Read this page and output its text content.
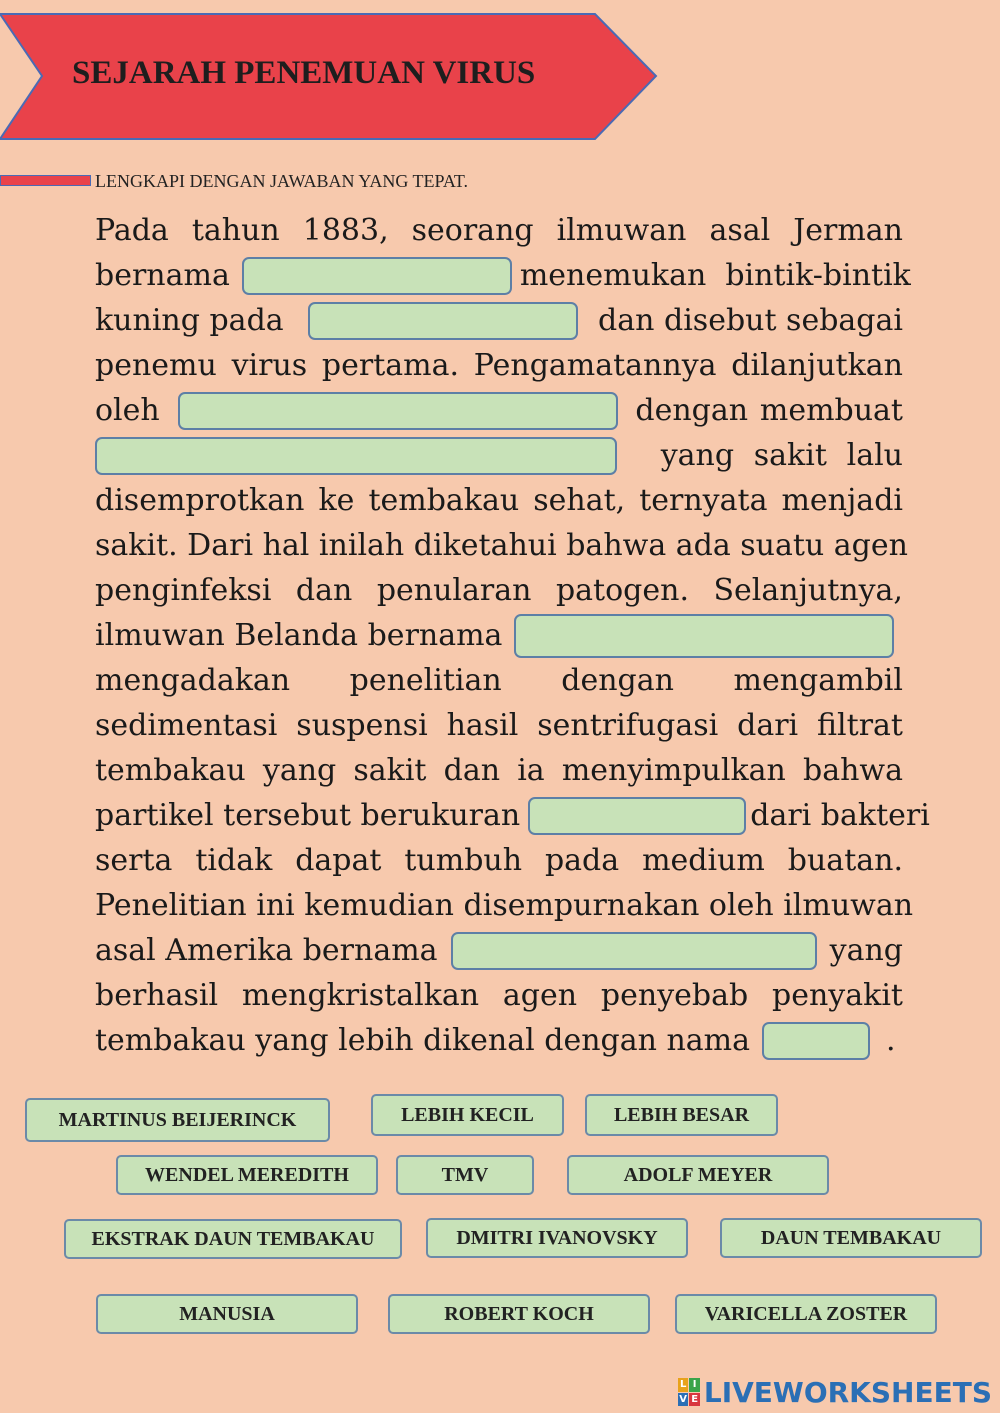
SEJARAH PENEMUAN VIRUS
LENGKAPI DENGAN JAWABAN YANG TEPAT.
Pada tahun 1883, seorang ilmuwan asal Jerman
bernama	menemukan  bintik-bintik
kuning pada	dan disebut sebagai
penemu virus pertama. Pengamatannya dilanjutkan
oleh	dengan membuat
yang sakit lalu
disemprotkan ke tembakau sehat, ternyata menjadi
sakit. Dari hal inilah diketahui bahwa ada suatu agen
penginfeksi dan penularan patogen. Selanjutnya,
ilmuwan Belanda bernama
mengadakan penelitian dengan mengambil
sedimentasi suspensi hasil sentrifugasi dari filtrat
tembakau yang sakit dan ia menyimpulkan bahwa
partikel tersebut berukuran	dari bakteri
serta tidak dapat tumbuh pada medium buatan.
Penelitian ini kemudian disempurnakan oleh ilmuwan
asal Amerika bernama	yang
berhasil mengkristalkan agen penyebab penyakit
tembakau yang lebih dikenal dengan nama	.
MARTINUS BEIJERINCK	LEBIH KECIL	LEBIH BESAR
WENDEL MEREDITH	TMV	ADOLF MEYER
EKSTRAK DAUN TEMBAKAU	DMITRI IVANOVSKY	DAUN TEMBAKAU
MANUSIA	ROBERT KOCH	VARICELLA ZOSTER
L I
V E LIVEWORKSHEETS
